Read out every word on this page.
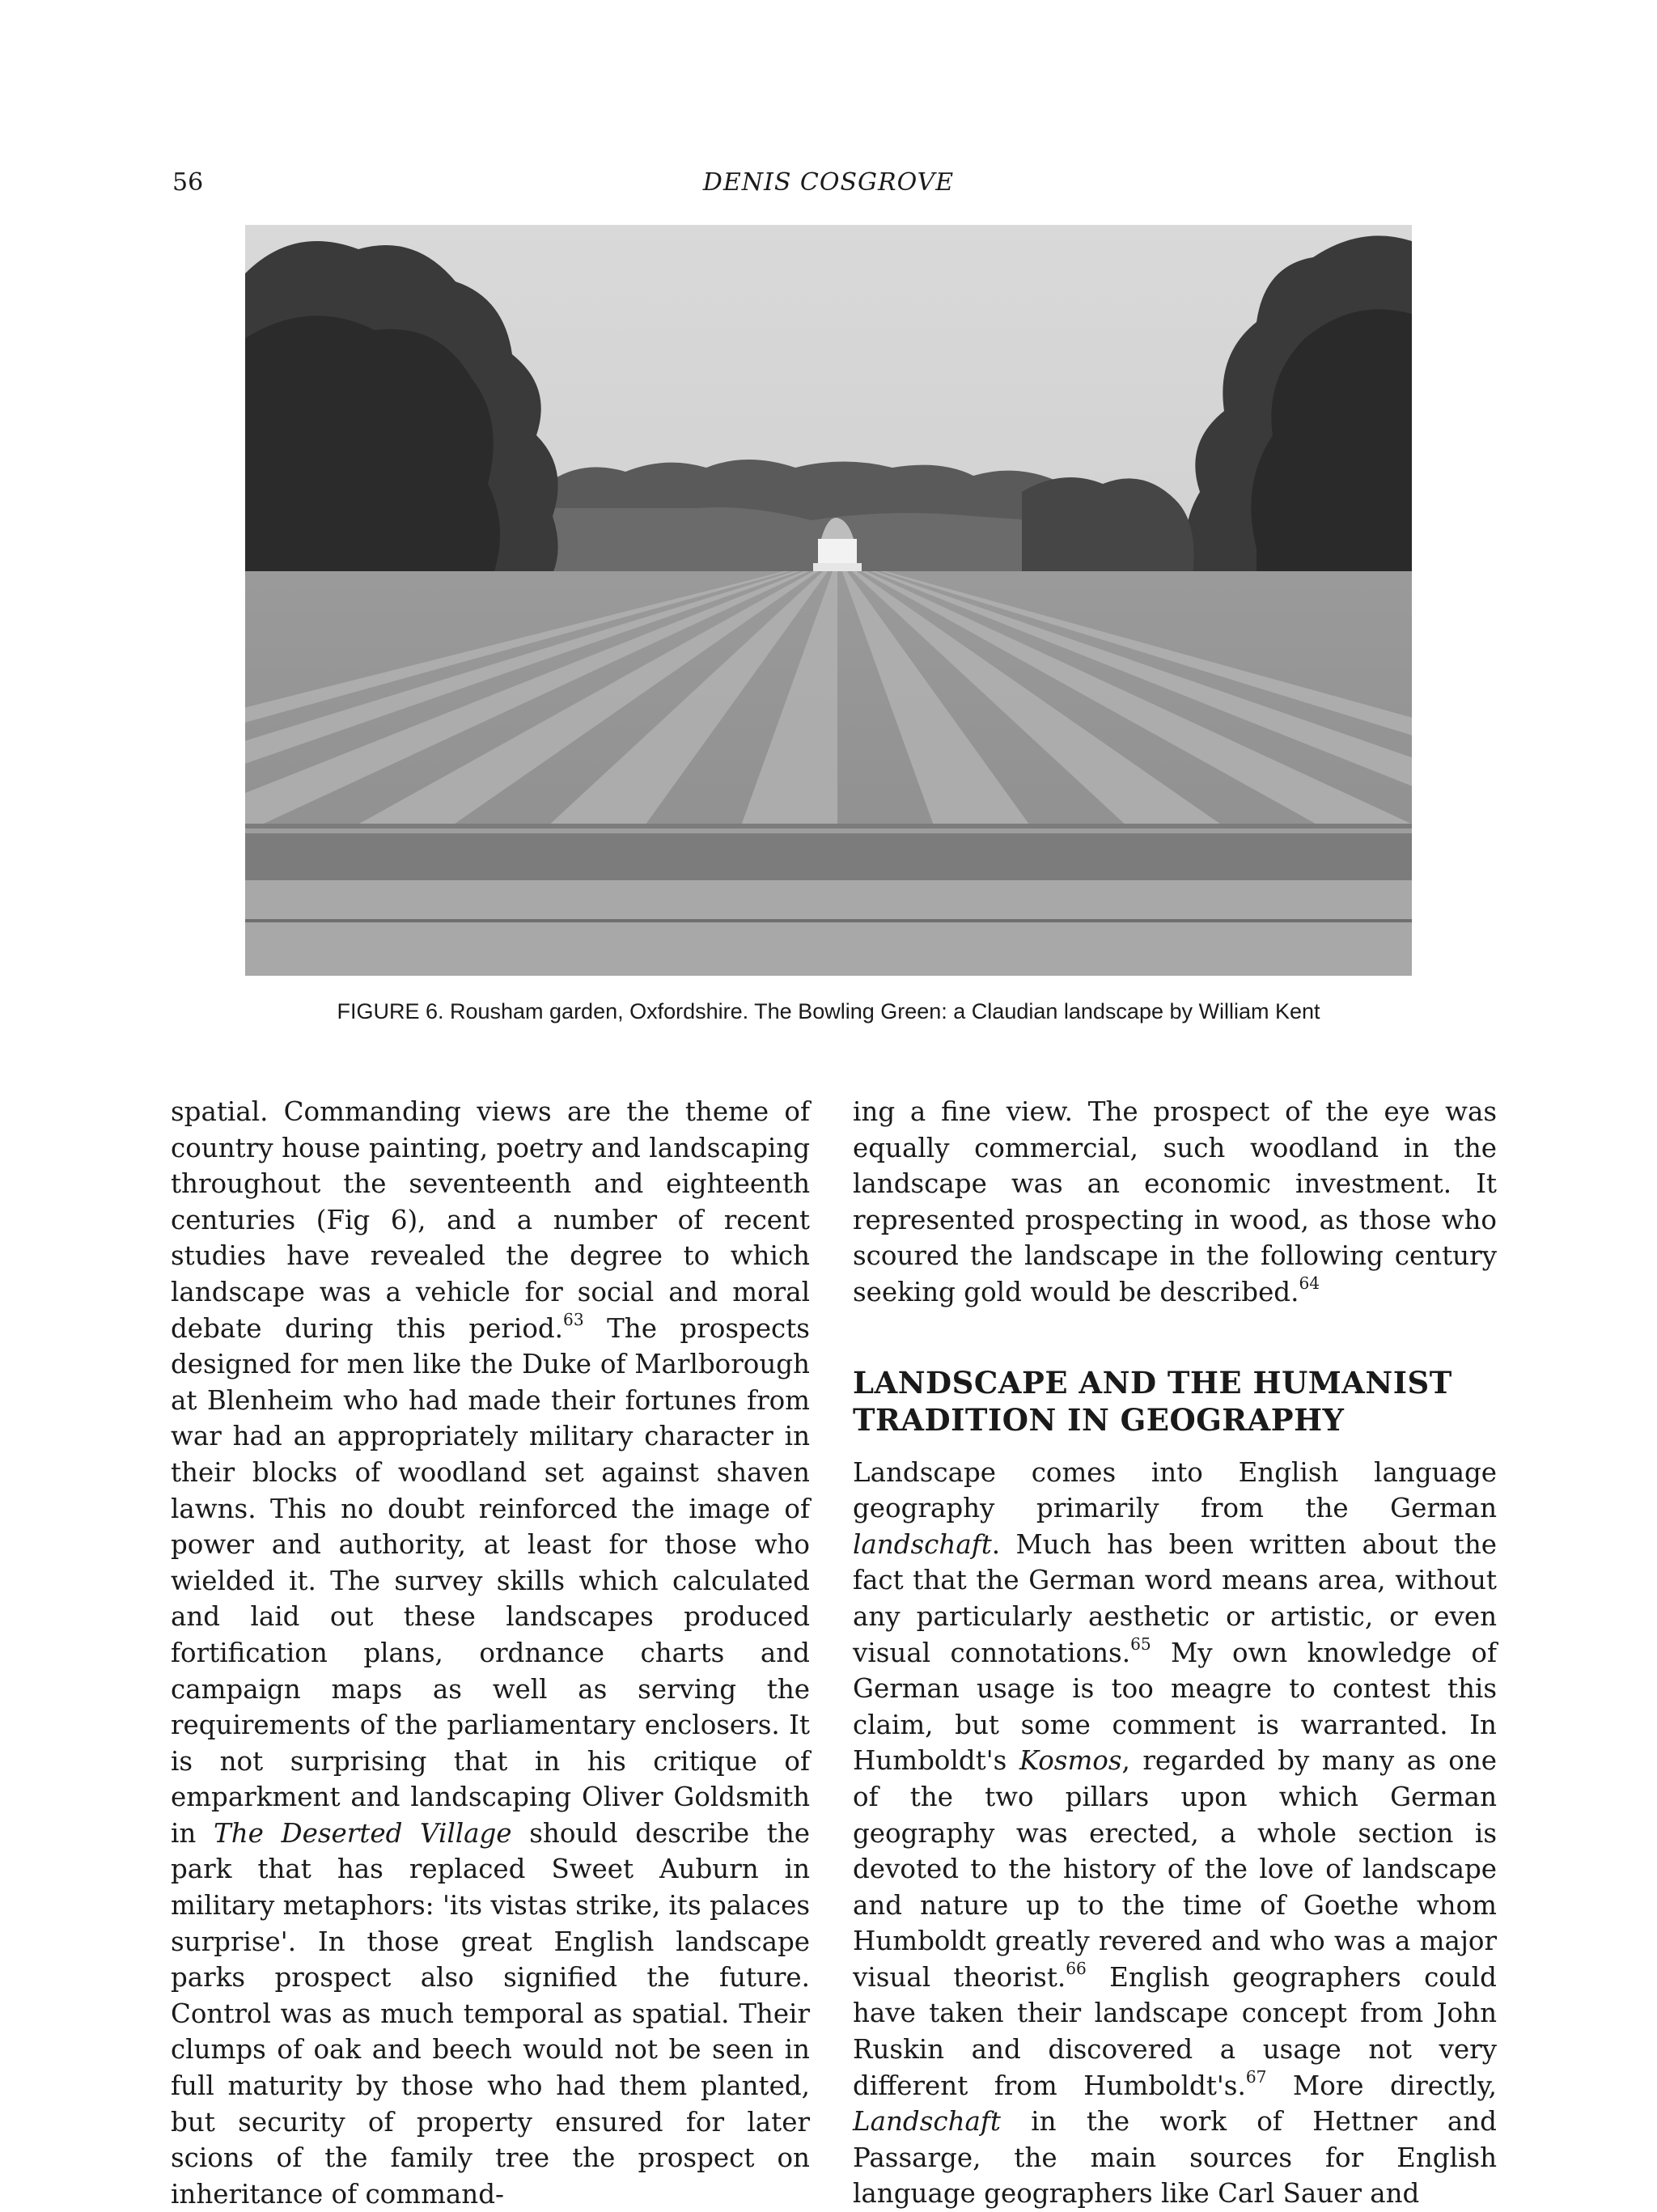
56	DENIS COSGROVE
FIGURE 6. Rousham garden, Oxfordshire. The Bowling Green: a Claudian landscape by William Kent

spatial. Commanding views are the theme of country house painting, poetry and landscaping throughout the seventeenth and eighteenth centuries (Fig 6), and a number of recent studies have revealed the degree to which landscape was a vehicle for social and moral debate during this period.$^{63}$ The prospects designed for men like the Duke of Marlborough at Blenheim who had made their fortunes from war had an appropriately military character in their blocks of woodland set against shaven lawns. This no doubt reinforced the image of power and authority, at least for those who wielded it. The survey skills which calculated and laid out these landscapes produced fortification plans, ordnance charts and campaign maps as well as serving the requirements of the parliamentary enclosers. It is not surprising that in his critique of emparkment and landscaping Oliver Goldsmith in The Deserted Village should describe the park that has replaced Sweet Auburn in military metaphors: 'its vistas strike, its palaces surprise'. In those great English landscape parks prospect also signified the future. Control was as much temporal as spatial. Their clumps of oak and beech would not be seen in full maturity by those who had them planted, but security of property ensured for later scions of the family tree the prospect on inheritance of command-

ing a fine view. The prospect of the eye was equally commercial, such woodland in the landscape was an economic investment. It represented prospecting in wood, as those who scoured the landscape in the following century seeking gold would be described.$^{64}$

LANDSCAPE AND THE HUMANIST TRADITION IN GEOGRAPHY

Landscape comes into English language geography primarily from the German landschaft. Much has been written about the fact that the German word means area, without any particularly aesthetic or artistic, or even visual connotations.$^{65}$ My own knowledge of German usage is too meagre to contest this claim, but some comment is warranted. In Humboldt's Kosmos, regarded by many as one of the two pillars upon which German geography was erected, a whole section is devoted to the history of the love of landscape and nature up to the time of Goethe whom Humboldt greatly revered and who was a major visual theorist.$^{66}$ English geographers could have taken their landscape concept from John Ruskin and discovered a usage not very different from Humboldt's.$^{67}$ More directly, Landschaft in the work of Hettner and Passarge, the main sources for English language geographers like Carl Sauer and
